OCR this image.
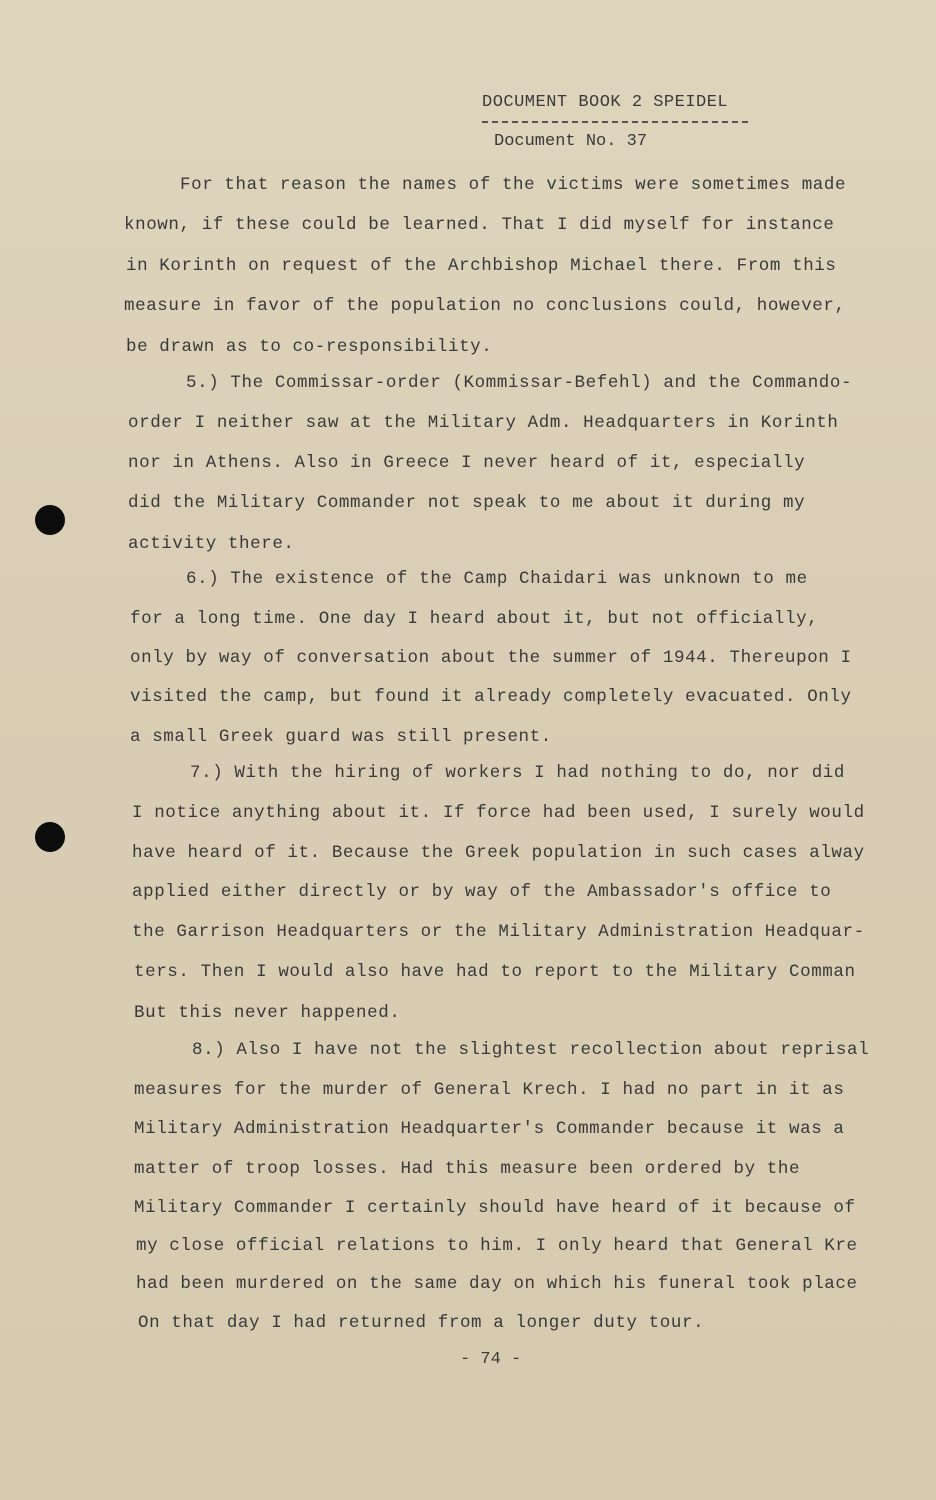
DOCUMENT BOOK 2 SPEIDEL
Document No. 37
For that reason the names of the victims were sometimes made
known, if these could be learned. That I did myself for instance
in Korinth on request of the Archbishop Michael there. From this
measure in favor of the population no conclusions could, however,
be drawn as to co-responsibility.
5.) The Commissar-order (Kommissar-Befehl) and the Commando-
order I neither saw at the Military Adm. Headquarters in Korinth
nor in Athens. Also in Greece I never heard of it, especially
did the Military Commander not speak to me about it during my
activity there.
6.) The existence of the Camp Chaidari was unknown to me
for a long time. One day I heard about it, but not officially,
only by way of conversation about the summer of 1944. Thereupon I
visited the camp, but found it already completely evacuated. Only
a small Greek guard was still present.
7.) With the hiring of workers I had nothing to do, nor did
I notice anything about it. If force had been used, I surely would
have heard of it. Because the Greek population in such cases alway
applied either directly or by way of the Ambassador's office to
the Garrison Headquarters or the Military Administration Headquar-
ters. Then I would also have had to report to the Military Comman
But this never happened.
8.) Also I have not the slightest recollection about reprisal
measures for the murder of General Krech. I had no part in it as
Military Administration Headquarter's Commander because it was a
matter of troop losses. Had this measure been ordered by the
Military Commander I certainly should have heard of it because of
my close official relations to him. I only heard that General Kre
had been murdered on the same day on which his funeral took place
On that day I had returned from a longer duty tour.
- 74 -
